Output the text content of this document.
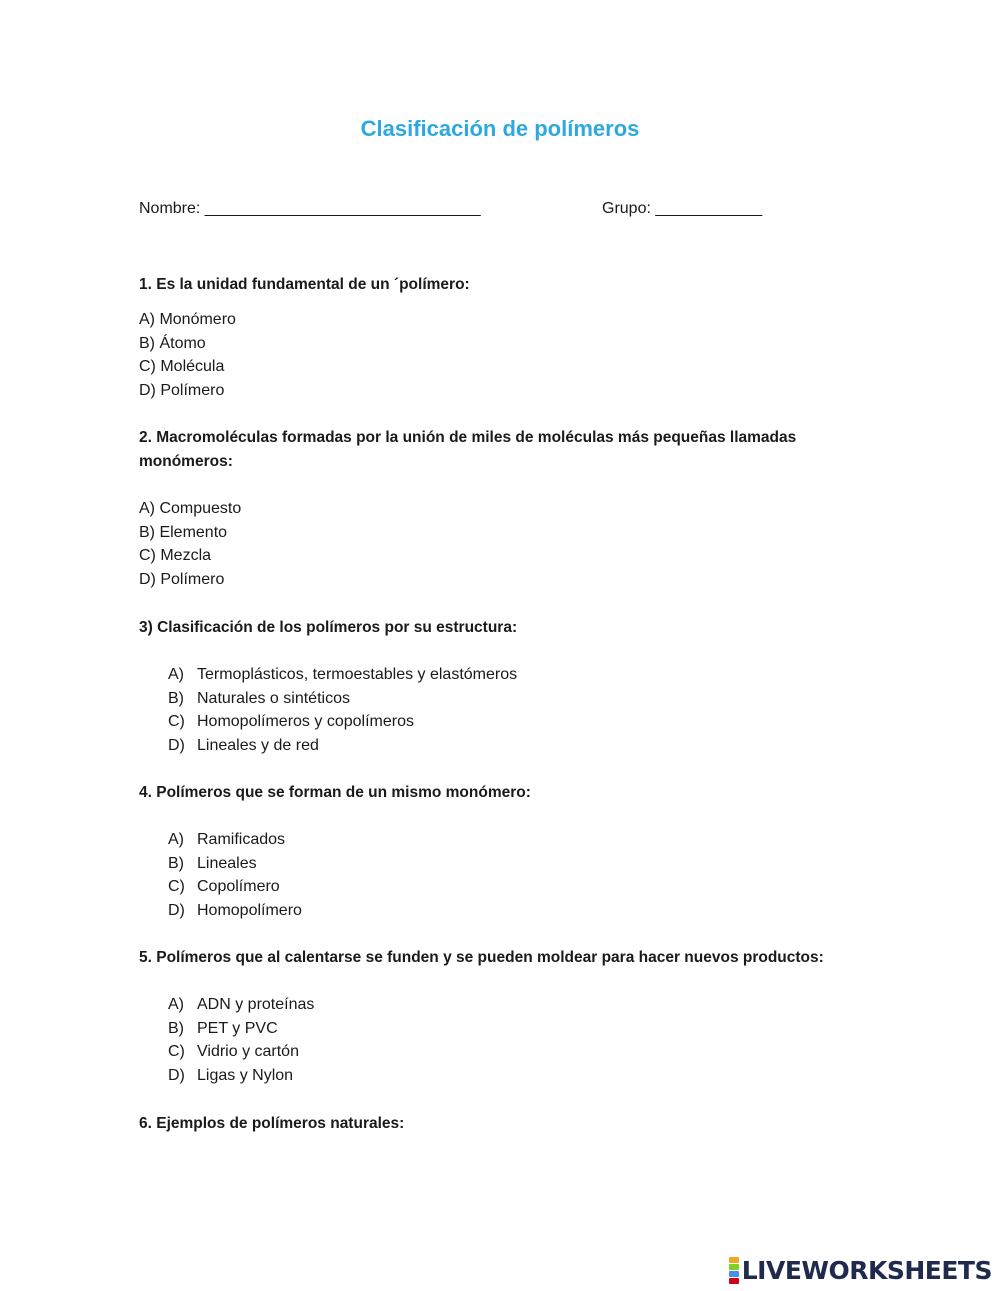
Clasificación de polímeros
Nombre: _______________________________	Grupo: ____________

1. Es la unidad fundamental de un ´polímero:

A) Monómero
B) Átomo
C) Molécula
D) Polímero

2. Macromoléculas formadas por la unión de miles de moléculas más pequeñas llamadas monómeros:

A) Compuesto
B) Elemento
C) Mezcla
D) Polímero

3) Clasificación de los polímeros por su estructura:

A) Termoplásticos, termoestables y elastómeros
B) Naturales o sintéticos
C) Homopolímeros y copolímeros
D) Lineales y de red

4. Polímeros que se forman de un mismo monómero:

A) Ramificados
B) Lineales
C) Copolímero
D) Homopolímero

5. Polímeros que al calentarse se funden y se pueden moldear para hacer nuevos productos:

A) ADN y proteínas
B) PET y PVC
C) Vidrio y cartón
D) Ligas y Nylon

6. Ejemplos de polímeros naturales:

LIVEWORKSHEETS
